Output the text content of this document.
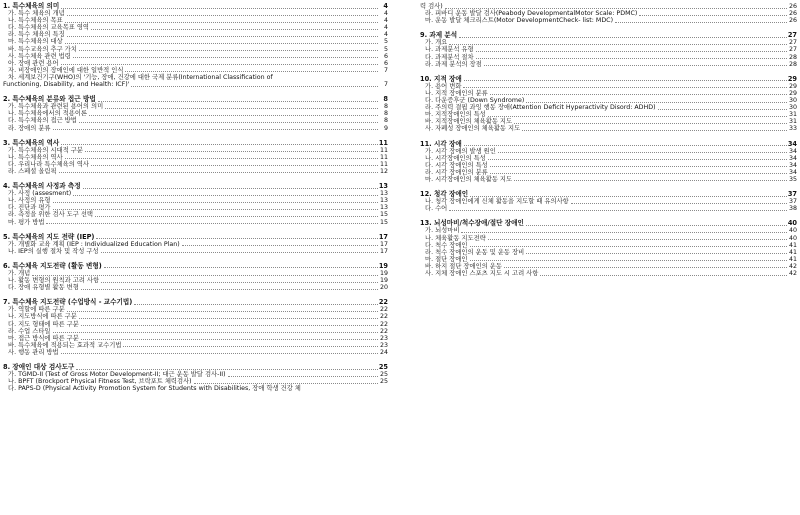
1. 특수체육의 의미	4
가. 특수 체육의 개념	4
나. 특수체육의 목표	4
다. 특수체육의 교육목표 영역	4
라. 특수 체육의 특징	4
마. 특수체육의 대상	5
바. 특수교육의 추구 가치	5
사. 특수체육 관련 법령	6
아. 장애 관련 용어	6
자. 비장애인의 장애인에 대한 일반적 인식	7
차. 세계보건기구(WHO)의 '기능, 장애, 건강에 대한 국제 분류(International Classification of
Functioning, Disability, and Health: ICF)'	7
2. 특수체육의 분류와 접근 방법	8
가. 특수체육과 관련된 용어의 의미	8
나. 특수체육에서의 적용이론	8
다. 특수체육의 접근 방법	8
라. 장애의 분류	9
3. 특수체육의 역사	11
가. 특수체육의 시대적 구분	11
나. 특수체육의 역사	11
다. 우리나라 특수체육의 역사	11
라. 스페셜 올림픽	12
4. 특수체육의 사정과 측정	13
가. 사정 (assesment)	13
나. 사정의 유형	13
다. 진단과 평가	13
라. 측정을 위한 검사 도구 선택	15
마. 평가 방법	15
5. 특수체육의 지도 전략 (IEP)	17
가. 개별화 교육 계획 (IEP : Individualized Education Plan)	17
나. IEP의 실행 절차 및 작성 구성	17
6. 특수체육 지도전략 (활동 변형)	19
가. 개념	19
나. 활동 변형의 원칙과 고려 사항	19
다. 장애 유형별 활동 변형	20
7. 특수체육 지도전략 (수업방식 - 교수기법)	22
가. 역할에 따른 구분	22
나. 지도방식에 따른 구분	22
다. 지도 형태에 따른 구분	22
라. 수업 스타일	22
마. 접근 방식에 따른 구분	23
바. 특수체육에 적용되는 효과적 교수기법	23
사. 행동 관리 방법	24
8. 장애인 대상 검사도구	25
가. TGMD-II (Test of Gross Motor Development-II; 대근 운동 발달 검사-II)	25
나. BPFT (Brockport Physical Fitness Test, 브락포트 체력검사)	25
다. PAPS-D (Physical Activity Promotion System for Students with Disabilities, 장애 학생 건강 체
력 검사)	26
라. 피바디 운동 발달 검사(Peabody DevelopmentalMotor Scale: PDMC)	26
마. 운동 발달 체크리스트(Motor DevelopmentCheck- list: MDC)	26
9. 과제 분석	27
가. 개요	27
나. 과제분석 유형	27
다. 과제분석 절차	28
라. 과제 분석의 장점	28
10. 지적 장애	29
가. 용어 변화	29
나. 지적 장애인의 분류	29
다. 다운증후군 (Down Syndrome)	30
라. 주의력 결핍 과잉 행동 장애(Attention Deficit Hyperactivity Disord: ADHD)	30
마. 지적장애인의 특성	31
바. 지적장애인의 체육활동 지도	31
사. 자폐성 장애인의 체육활동 지도	33
11. 시각 장애	34
가. 시각 장애의 발생 원인	34
나. 시각장애인의 특성	34
다. 시각 장애인의 특성	34
라. 시각 장애인의 분류	34
마. 시각장애인의 체육활동 지도	35
12. 청각 장애인	37
나. 청각 장애인에게 신체 활동을 지도할 때 유의사항	37
다. 수어	38
13. 뇌성마비/척수장애/절단 장애인	40
가. 뇌성마비	40
나. 체육활동 지도전략	40
다. 척수 장애인	41
라. 척수 장애인의 운동 및 운동 장비	41
마. 절단 장애인	41
바. 하지 절단 장애인의 운동	42
사. 지체 장애인 스포츠 지도 시 고려 사항	42
